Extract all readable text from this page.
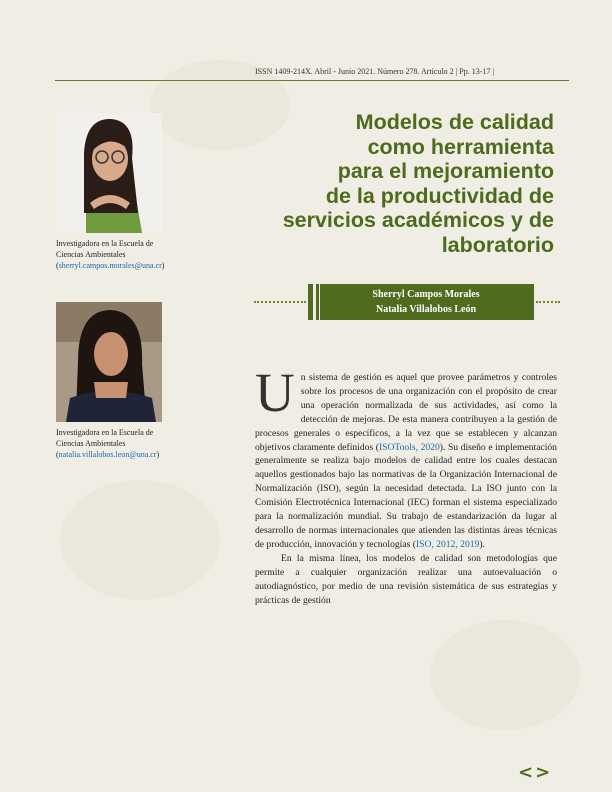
ISSN 1409-214X. Abril - Junio 2021. Número 278. Artículo 2 | Pp. 13-17 |
Modelos de calidad
como herramienta
para el mejoramiento
de la productividad de
servicios académicos y de
laboratorio
Sherryl Campos Morales
Natalia Villalobos León
Investigadora en la Escuela de Ciencias Ambientales (sherryl.campos.morales@una.cr)
Investigadora en la Escuela de Ciencias Ambientales (natalia.villalobos.leon@una.cr)

Un sistema de gestión es aquel que provee parámetros y controles sobre los procesos de una organización con el propósito de crear una operación normalizada de sus actividades, así como la detección de mejoras. De esta manera contribuyen a la gestión de procesos generales o específicos, a la vez que se establecen y alcanzan objetivos claramente definidos (ISOTools, 2020). Su diseño e implementación generalmente se realiza bajo modelos de calidad entre los cuales destacan aquellos gestionados bajo las normativas de la Organización Internacional de Normalización (ISO), según la necesidad detectada. La ISO junto con la Comisión Electrotécnica Internacional (IEC) forman el sistema especializado para la normalización mundial. Su trabajo de estandarización da lugar al desarrollo de normas internacionales que atienden las distintas áreas técnicas de producción, innovación y tecnologías (ISO, 2012, 2019).

En la misma línea, los modelos de calidad son metodologías que permite a cualquier organización realizar una autoevaluación o autodiagnóstico, por medio de una revisión sistemática de sus estrategias y prácticas de gestión

<>
